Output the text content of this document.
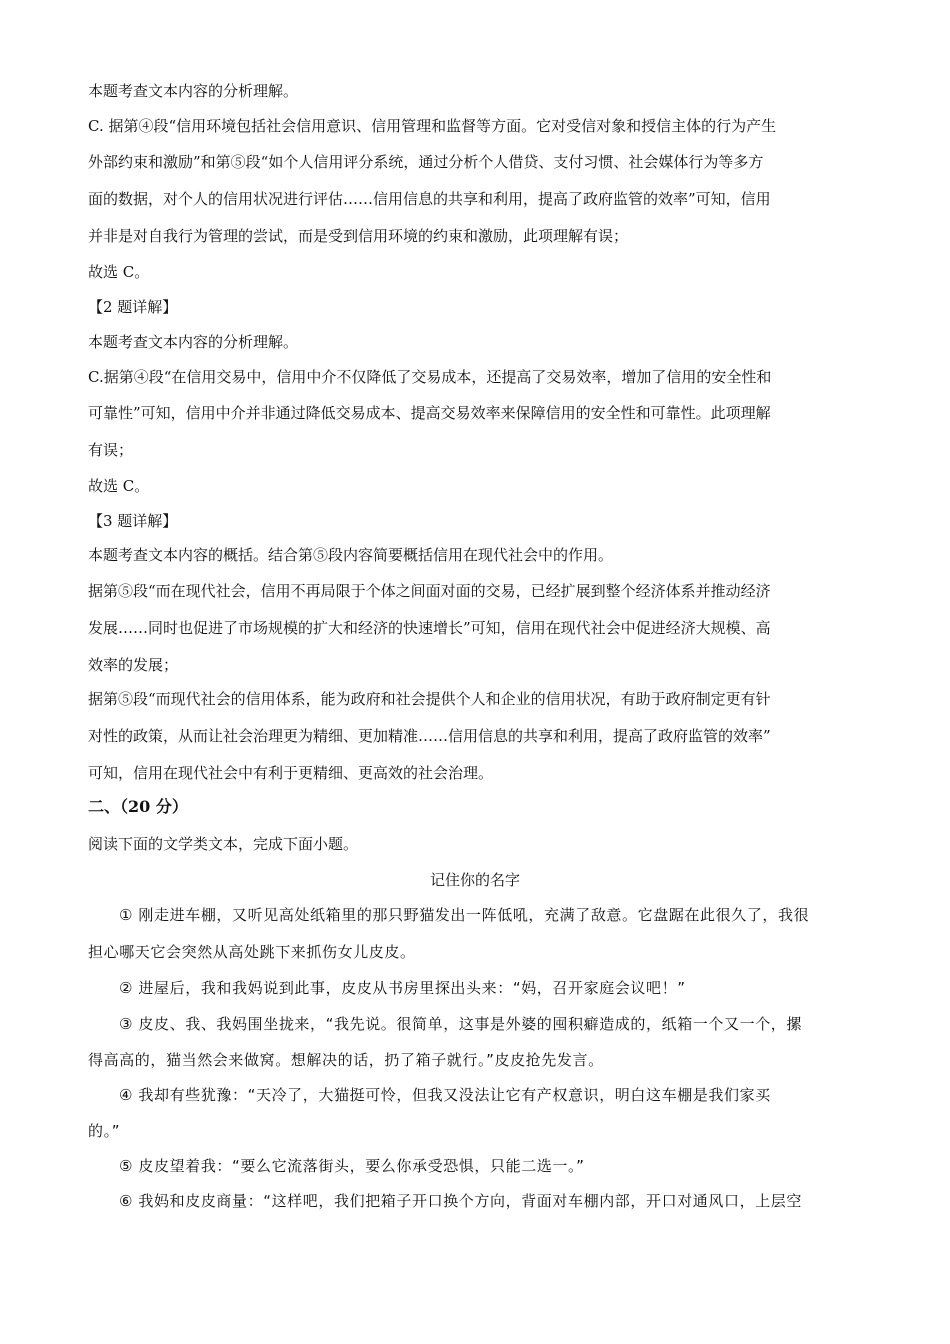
本题考查文本内容的分析理解。
C. 据第④段“信用环境包括社会信用意识、信用管理和监督等方面。它对受信对象和授信主体的行为产生
外部约束和激励”和第⑤段“如个人信用评分系统，通过分析个人借贷、支付习惯、社会媒体行为等多方
面的数据，对个人的信用状况进行评估……信用信息的共享和利用，提高了政府监管的效率”可知，信用
并非是对自我行为管理的尝试，而是受到信用环境的约束和激励，此项理解有误；
故选 C。
【2 题详解】
本题考查文本内容的分析理解。
C.据第④段“在信用交易中，信用中介不仅降低了交易成本，还提高了交易效率，增加了信用的安全性和
可靠性”可知，信用中介并非通过降低交易成本、提高交易效率来保障信用的安全性和可靠性。此项理解
有误；
故选 C。
【3 题详解】
本题考查文本内容的概括。结合第⑤段内容简要概括信用在现代社会中的作用。
据第⑤段“而在现代社会，信用不再局限于个体之间面对面的交易，已经扩展到整个经济体系并推动经济
发展……同时也促进了市场规模的扩大和经济的快速增长”可知，信用在现代社会中促进经济大规模、高
效率的发展；
据第⑤段“而现代社会的信用体系，能为政府和社会提供个人和企业的信用状况，有助于政府制定更有针
对性的政策，从而让社会治理更为精细、更加精准……信用信息的共享和利用，提高了政府监管的效率”
可知，信用在现代社会中有利于更精细、更高效的社会治理。
二、（20 分）
阅读下面的文学类文本，完成下面小题。
记住你的名字
① 刚走进车棚，又听见高处纸箱里的那只野猫发出一阵低吼，充满了敌意。它盘踞在此很久了，我很
担心哪天它会突然从高处跳下来抓伤女儿皮皮。
② 进屋后，我和我妈说到此事，皮皮从书房里探出头来：“妈，召开家庭会议吧！”
③ 皮皮、我、我妈围坐拢来，“我先说。很简单，这事是外婆的囤积癖造成的，纸箱一个又一个，摞
得高高的，猫当然会来做窝。想解决的话，扔了箱子就行。”皮皮抢先发言。
④ 我却有些犹豫：“天冷了，大猫挺可怜，但我又没法让它有产权意识，明白这车棚是我们家买
的。”
⑤ 皮皮望着我：“要么它流落街头，要么你承受恐惧，只能二选一。”
⑥ 我妈和皮皮商量：“这样吧，我们把箱子开口换个方向，背面对车棚内部，开口对通风口，上层空
